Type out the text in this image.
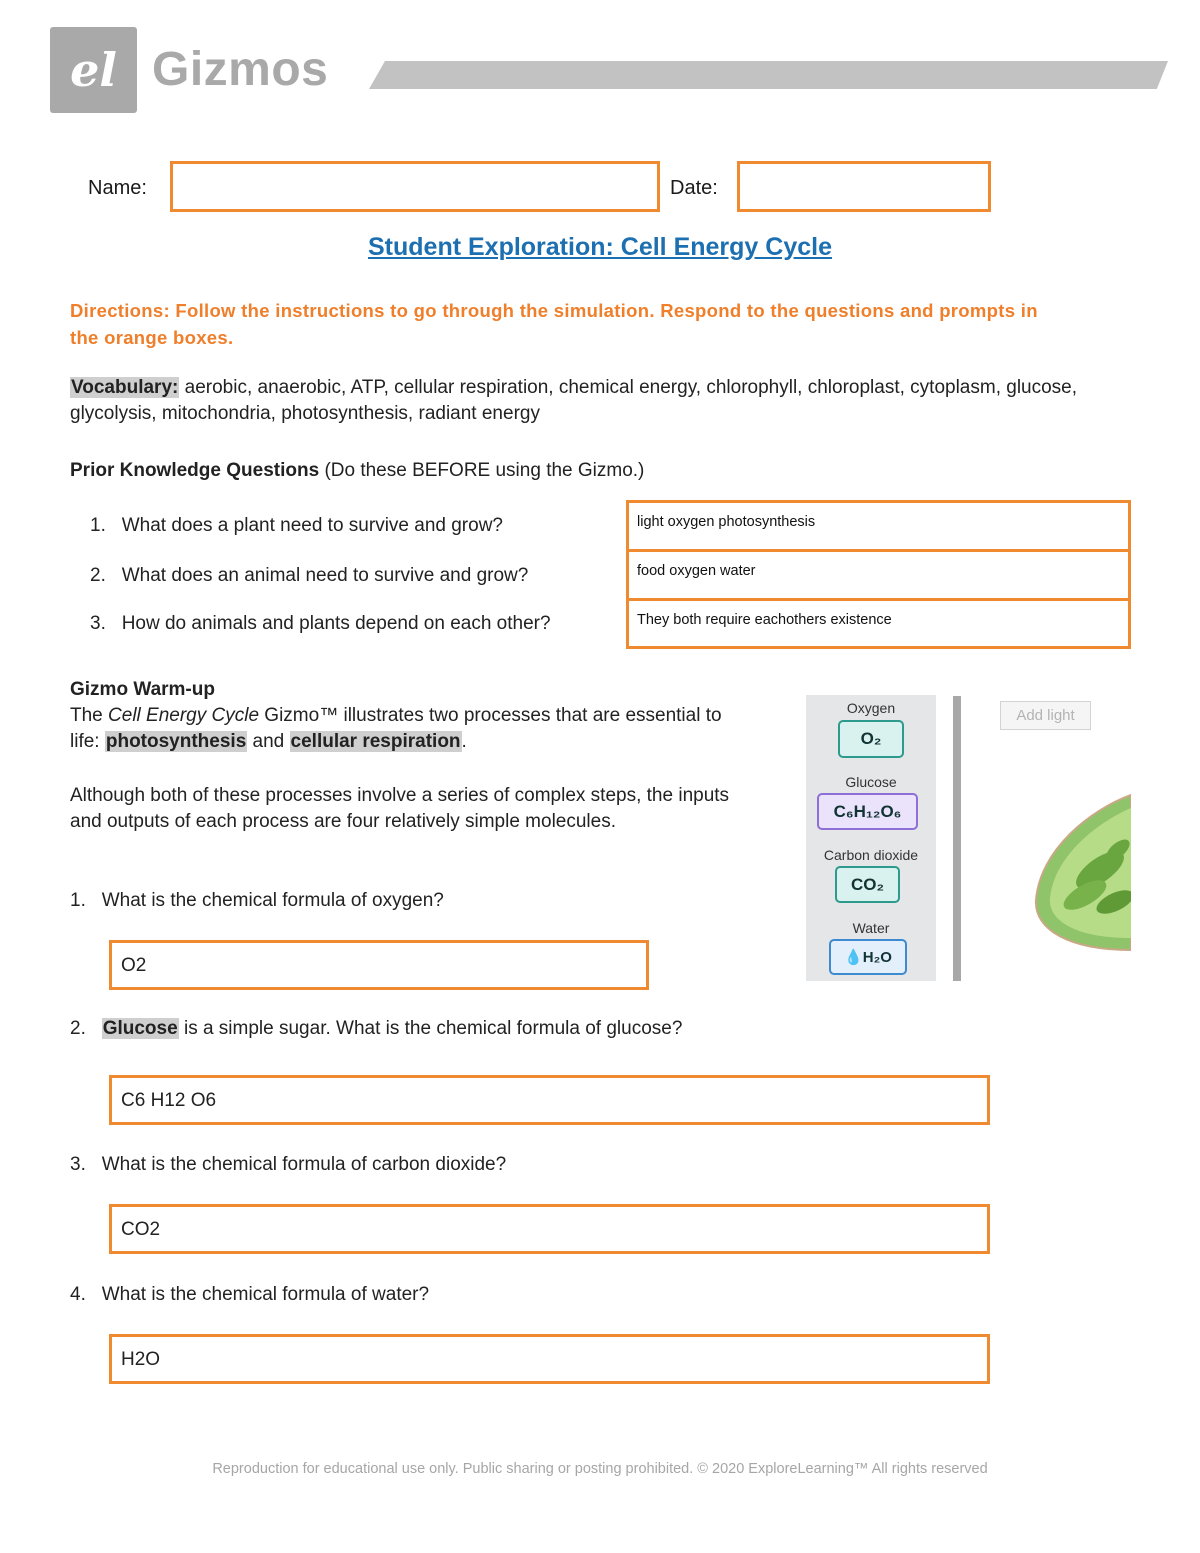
el Gizmos
Name:	Date:
Student Exploration: Cell Energy Cycle
Directions: Follow the instructions to go through the simulation. Respond to the questions and prompts in the orange boxes.
Vocabulary: aerobic, anaerobic, ATP, cellular respiration, chemical energy, chlorophyll, chloroplast, cytoplasm, glucose, glycolysis, mitochondria, photosynthesis, radiant energy
Prior Knowledge Questions (Do these BEFORE using the Gizmo.)
1. What does a plant need to survive and grow?
2. What does an animal need to survive and grow?
3. How do animals and plants depend on each other?
light oxygen photosynthesis
food oxygen water
They both require eachothers existence
Gizmo Warm-up
The Cell Energy Cycle Gizmo™ illustrates two processes that are essential to life: photosynthesis and cellular respiration.
Although both of these processes involve a series of complex steps, the inputs and outputs of each process are four relatively simple molecules.
1. What is the chemical formula of oxygen?
O2
2. Glucose is a simple sugar. What is the chemical formula of glucose?
C6 H12 O6
3. What is the chemical formula of carbon dioxide?
CO2
4. What is the chemical formula of water?
H2O
Oxygen
O₂
Glucose
C₆H₁₂O₆
Carbon dioxide
CO₂
Water
💧H₂O
Add light
Reproduction for educational use only. Public sharing or posting prohibited. © 2020 ExploreLearning™ All rights reserved
